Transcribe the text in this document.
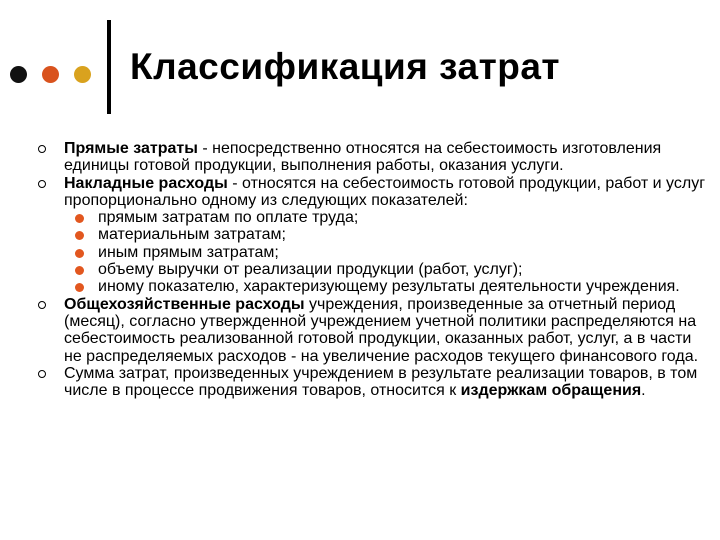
Классификация затрат
Прямые затраты - непосредственно относятся на себестоимость изготовления единицы готовой продукции, выполнения работы, оказания услуги.
Накладные расходы - относятся на себестоимость готовой продукции, работ и услуг пропорционально одному из следующих показателей:
прямым затратам по оплате труда;
материальным затратам;
иным прямым затратам;
объему выручки от реализации продукции (работ, услуг);
иному показателю, характеризующему результаты деятельности учреждения.
Общехозяйственные расходы учреждения, произведенные за отчетный период (месяц), согласно утвержденной учреждением учетной политики распределяются на себестоимость реализованной готовой продукции, оказанных работ, услуг, а в части не распределяемых расходов - на увеличение расходов текущего финансового года.
Сумма затрат, произведенных учреждением в результате реализации товаров, в том числе в процессе продвижения товаров, относится к издержкам обращения.
